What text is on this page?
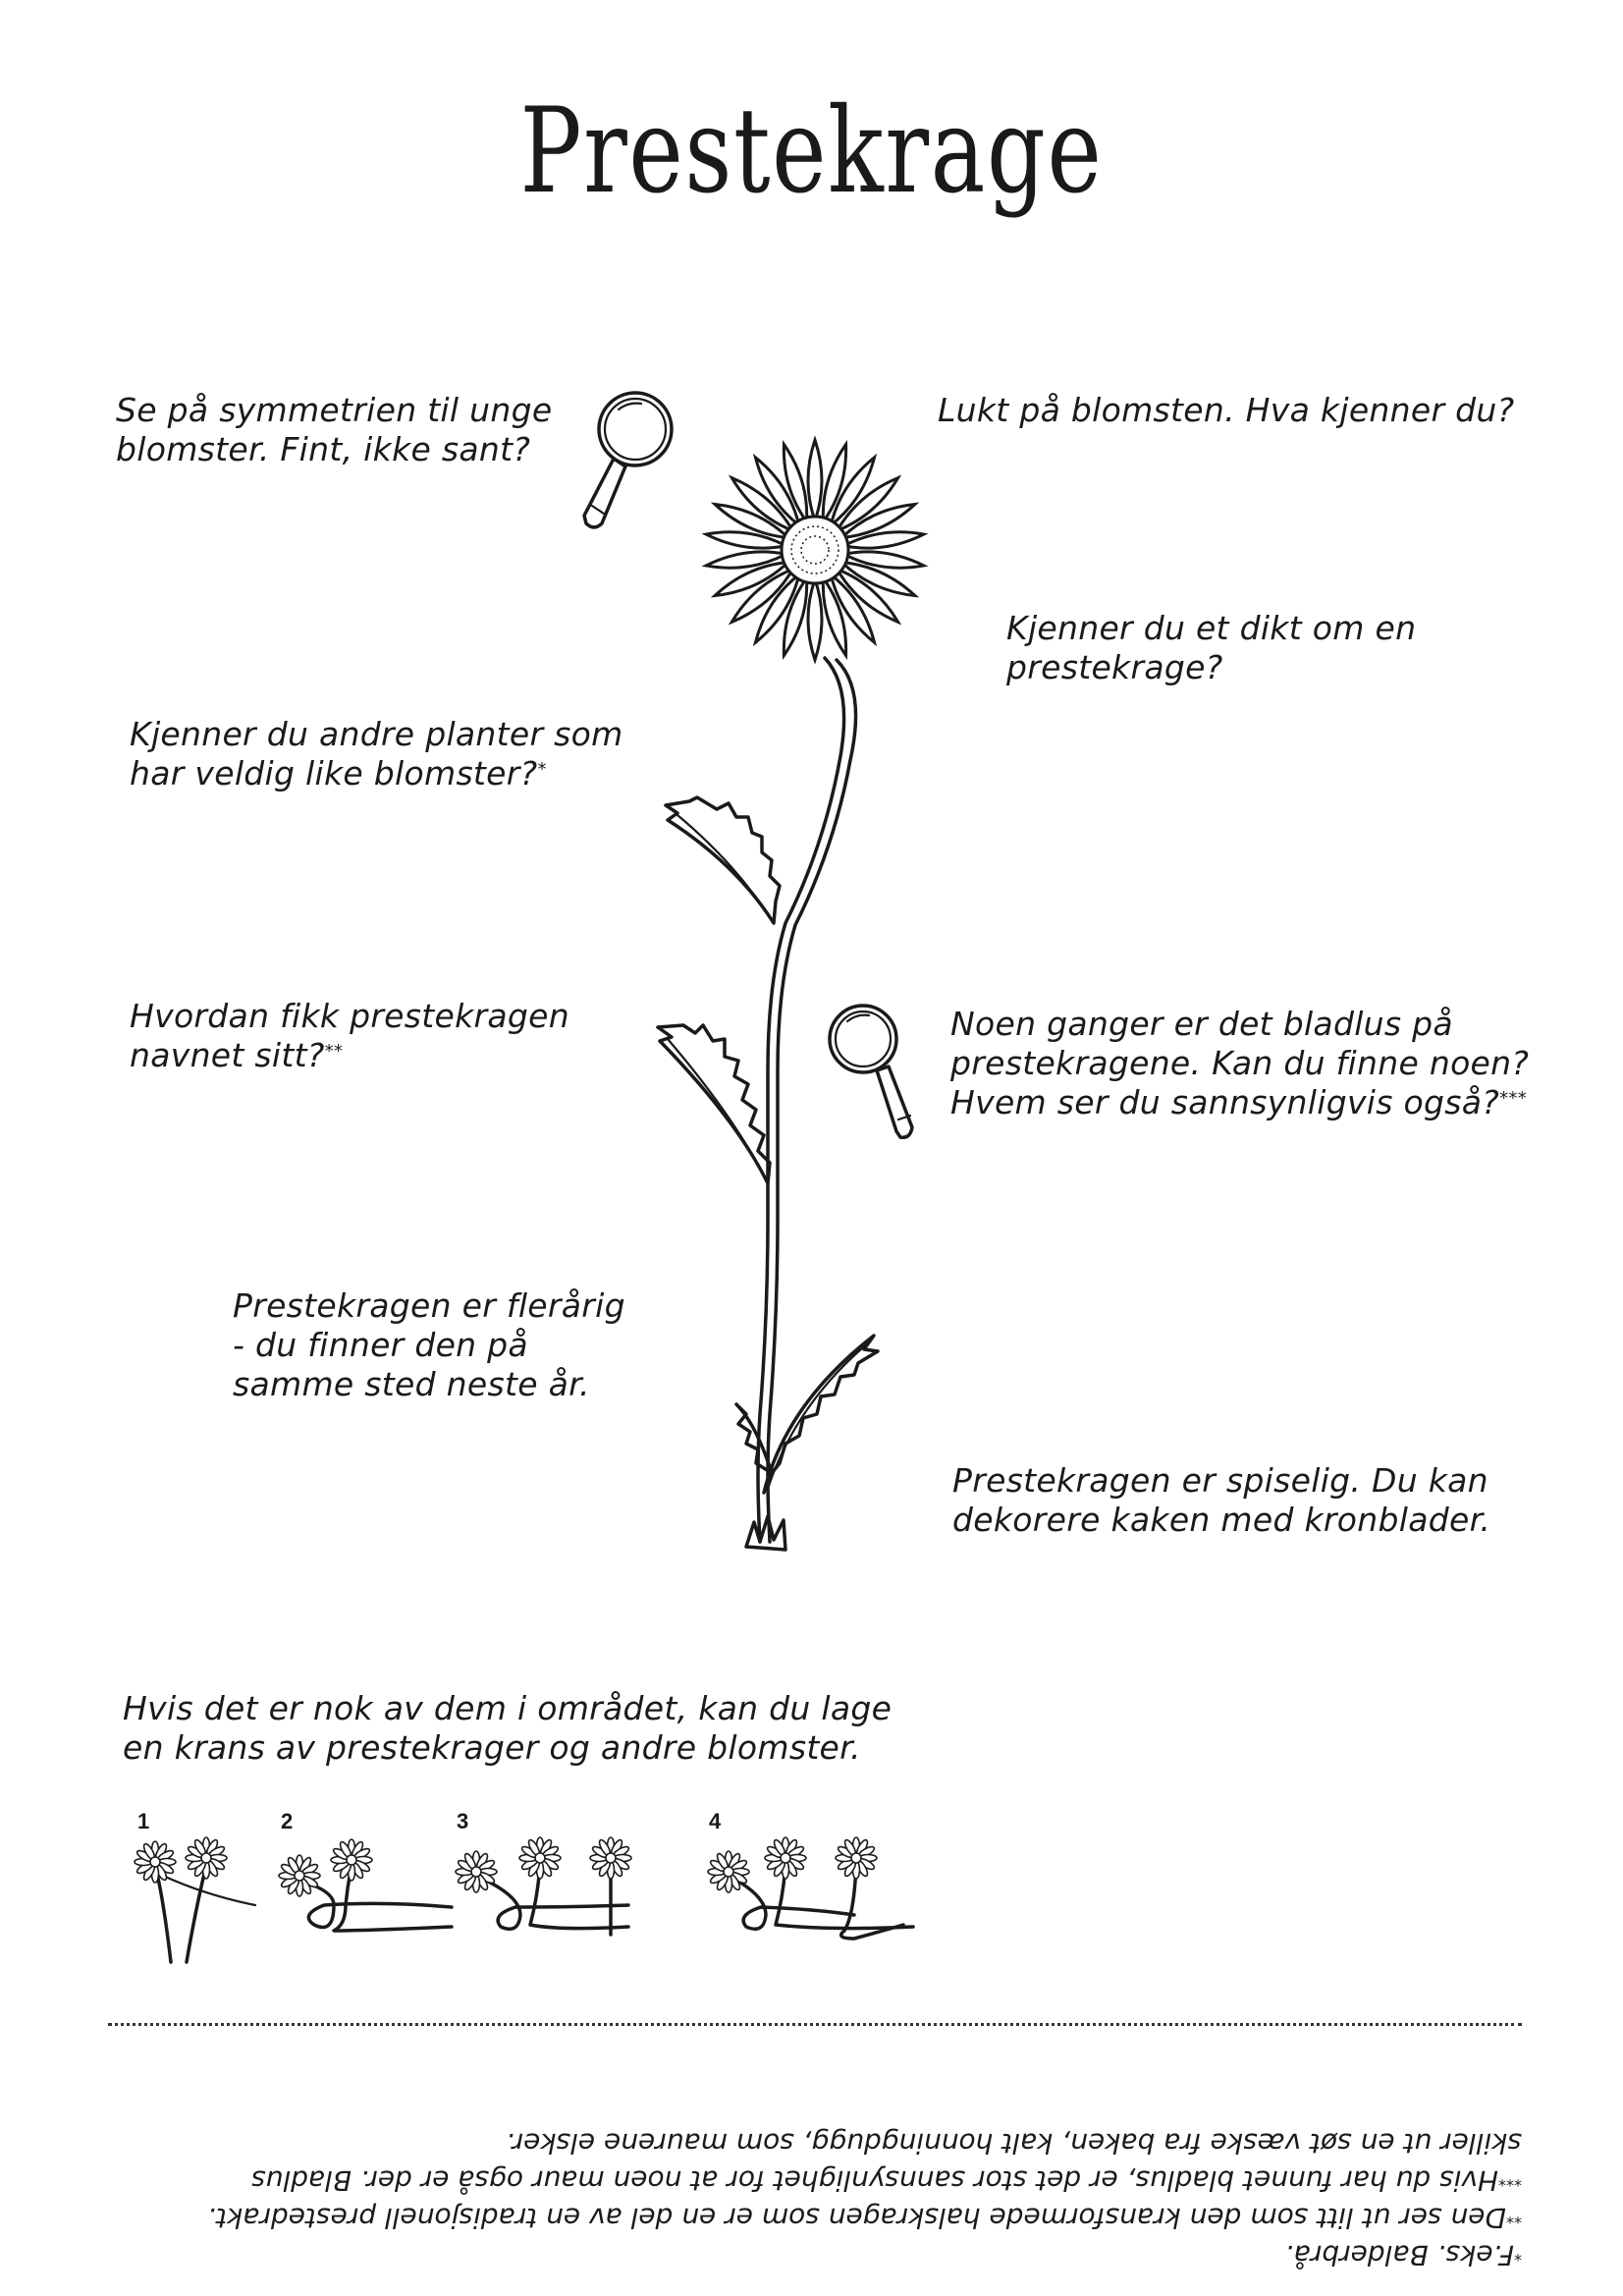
Prestekrage
Se på symmetrien til unge
blomster. Fint, ikke sant?
Lukt på blomsten. Hva kjenner du?
Kjenner du et dikt om en
prestekrage?
Kjenner du andre planter som
har veldig like blomster?*
Hvordan fikk prestekragen
navnet sitt?**
Noen ganger er det bladlus på
prestekragene. Kan du finne noen?
Hvem ser du sannsynligvis også?***
Prestekragen er flerårig
- du finner den på
samme sted neste år.
Prestekragen er spiselig. Du kan
dekorere kaken med kronblader.
Hvis det er nok av dem i området, kan du lage
en krans av prestekrager og andre blomster.
1	2	3	4
*F.eks. Balderbrå.
**Den ser ut litt som den kransformede halskragen som er en del av en tradisjonell prestedrakt.
***Hvis du har funnet bladlus, er det stor sannsynlighet for at noen maur også er der. Bladlus
skiller ut en søt væske fra baken, kalt honningdugg, som maurene elsker.
